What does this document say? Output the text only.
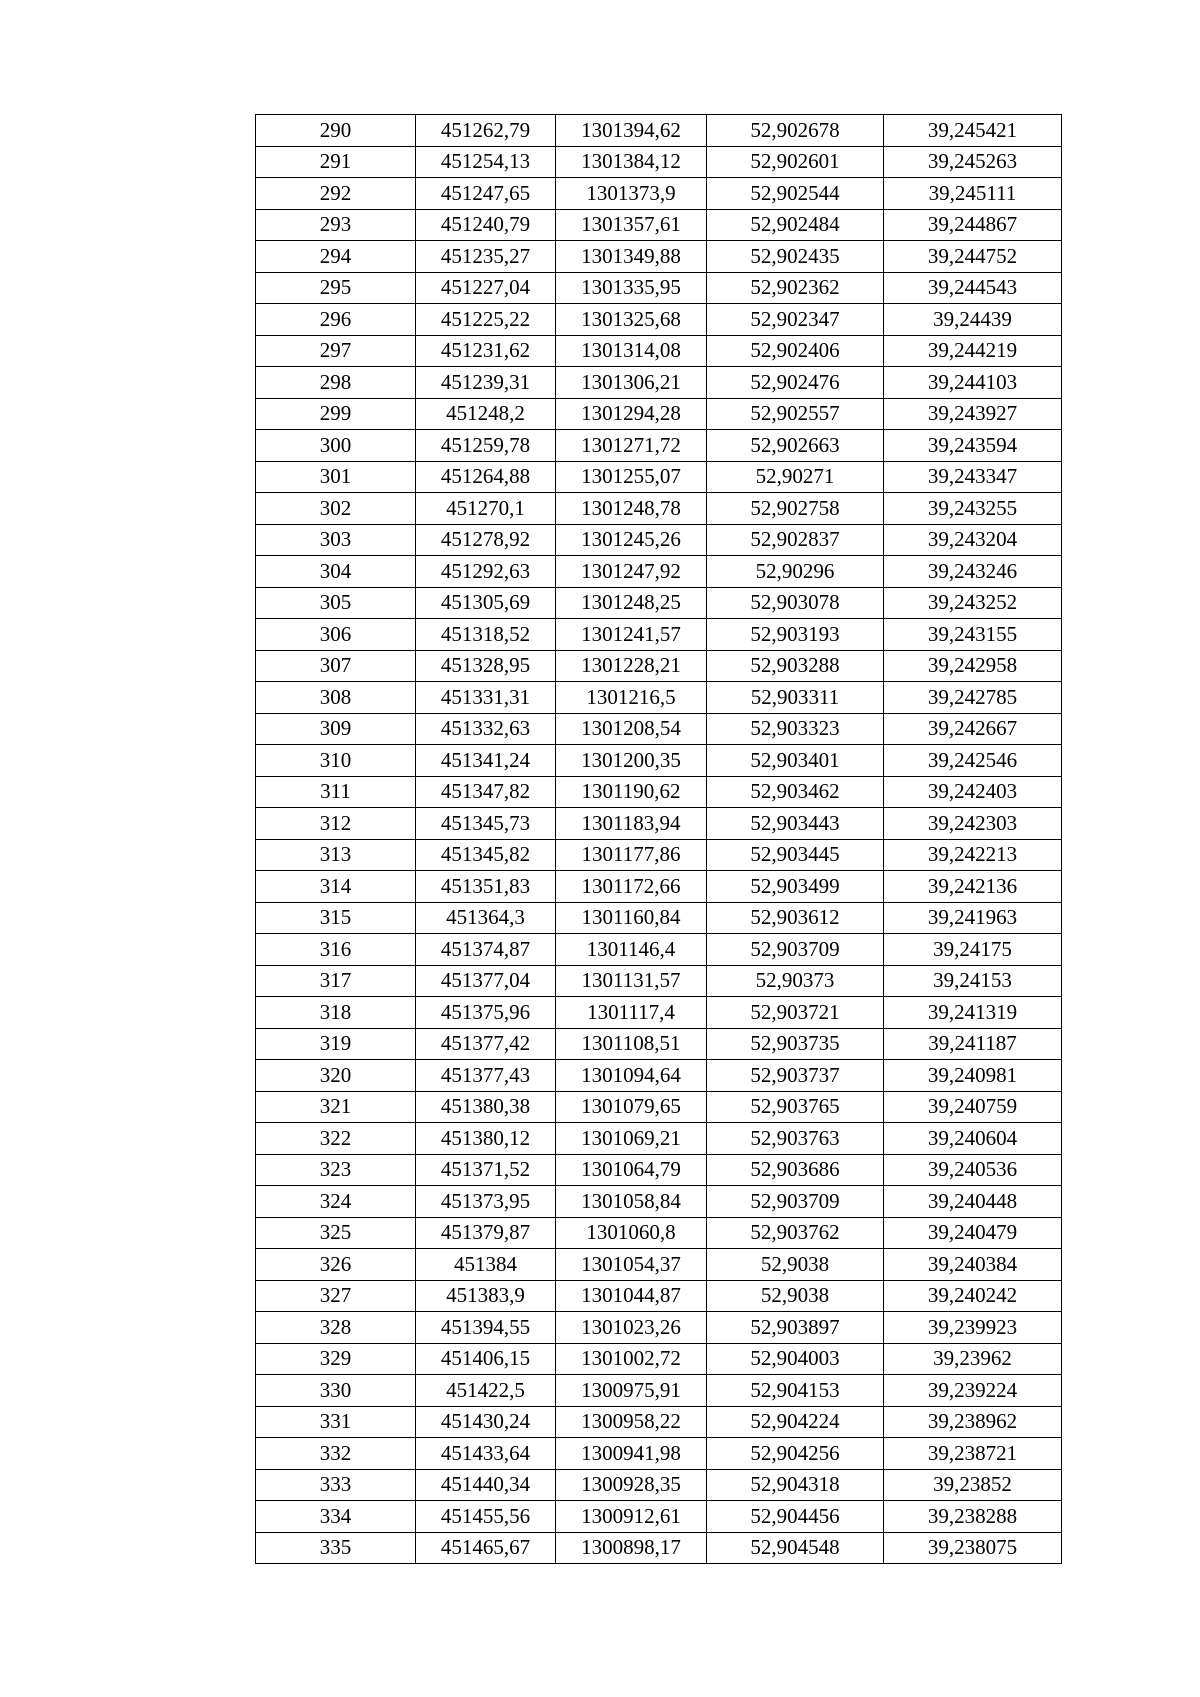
290	451262,79	1301394,62	52,902678	39,245421
291	451254,13	1301384,12	52,902601	39,245263
292	451247,65	1301373,9	52,902544	39,245111
293	451240,79	1301357,61	52,902484	39,244867
294	451235,27	1301349,88	52,902435	39,244752
295	451227,04	1301335,95	52,902362	39,244543
296	451225,22	1301325,68	52,902347	39,24439
297	451231,62	1301314,08	52,902406	39,244219
298	451239,31	1301306,21	52,902476	39,244103
299	451248,2	1301294,28	52,902557	39,243927
300	451259,78	1301271,72	52,902663	39,243594
301	451264,88	1301255,07	52,90271	39,243347
302	451270,1	1301248,78	52,902758	39,243255
303	451278,92	1301245,26	52,902837	39,243204
304	451292,63	1301247,92	52,90296	39,243246
305	451305,69	1301248,25	52,903078	39,243252
306	451318,52	1301241,57	52,903193	39,243155
307	451328,95	1301228,21	52,903288	39,242958
308	451331,31	1301216,5	52,903311	39,242785
309	451332,63	1301208,54	52,903323	39,242667
310	451341,24	1301200,35	52,903401	39,242546
311	451347,82	1301190,62	52,903462	39,242403
312	451345,73	1301183,94	52,903443	39,242303
313	451345,82	1301177,86	52,903445	39,242213
314	451351,83	1301172,66	52,903499	39,242136
315	451364,3	1301160,84	52,903612	39,241963
316	451374,87	1301146,4	52,903709	39,24175
317	451377,04	1301131,57	52,90373	39,24153
318	451375,96	1301117,4	52,903721	39,241319
319	451377,42	1301108,51	52,903735	39,241187
320	451377,43	1301094,64	52,903737	39,240981
321	451380,38	1301079,65	52,903765	39,240759
322	451380,12	1301069,21	52,903763	39,240604
323	451371,52	1301064,79	52,903686	39,240536
324	451373,95	1301058,84	52,903709	39,240448
325	451379,87	1301060,8	52,903762	39,240479
326	451384	1301054,37	52,9038	39,240384
327	451383,9	1301044,87	52,9038	39,240242
328	451394,55	1301023,26	52,903897	39,239923
329	451406,15	1301002,72	52,904003	39,23962
330	451422,5	1300975,91	52,904153	39,239224
331	451430,24	1300958,22	52,904224	39,238962
332	451433,64	1300941,98	52,904256	39,238721
333	451440,34	1300928,35	52,904318	39,23852
334	451455,56	1300912,61	52,904456	39,238288
335	451465,67	1300898,17	52,904548	39,238075
